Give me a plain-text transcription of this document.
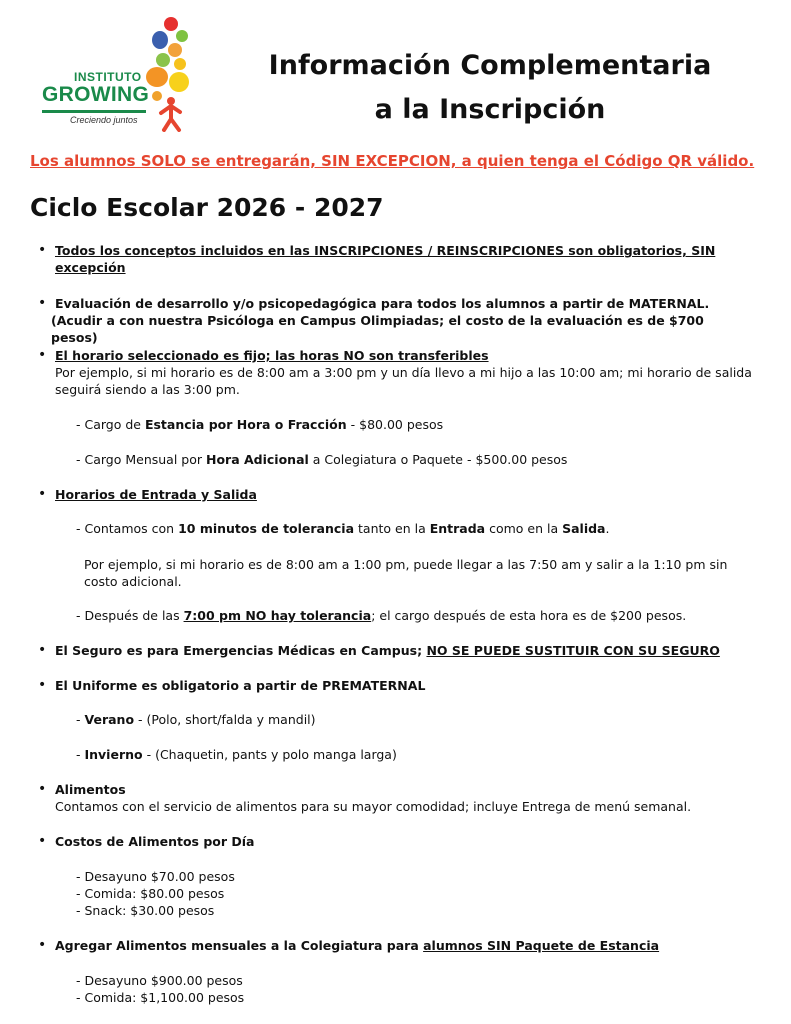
INSTITUTO
GROWING
Creciendo juntos
Información Complementaria
a la Inscripción
Los alumnos SOLO se entregarán, SIN EXCEPCION, a quien tenga el Código QR válido.
Ciclo Escolar 2026 - 2027
• Todos los conceptos incluidos en las INSCRIPCIONES / REINSCRIPCIONES son obligatorios, SIN
excepción
• Evaluación de desarrollo y/o psicopedagógica para todos los alumnos a partir de MATERNAL.
(Acudir a con nuestra Psicóloga en Campus Olimpiadas; el costo de la evaluación es de $700 pesos)
• El horario seleccionado es fijo; las horas NO son transferibles
Por ejemplo, si mi horario es de 8:00 am a 3:00 pm y un día llevo a mi hijo a las 10:00 am; mi horario de salida
seguirá siendo a las 3:00 pm.
- Cargo de Estancia por Hora o Fracción - $80.00 pesos
- Cargo Mensual por Hora Adicional a Colegiatura o Paquete - $500.00 pesos
• Horarios de Entrada y Salida
- Contamos con 10 minutos de tolerancia tanto en la Entrada como en la Salida.
Por ejemplo, si mi horario es de 8:00 am a 1:00 pm, puede llegar a las 7:50 am y salir a la 1:10 pm sin
costo adicional.
- Después de las 7:00 pm NO hay tolerancia; el cargo después de esta hora es de $200 pesos.
• El Seguro es para Emergencias Médicas en Campus; NO SE PUEDE SUSTITUIR CON SU SEGURO
• El Uniforme es obligatorio a partir de PREMATERNAL
- Verano - (Polo, short/falda y mandil)
- Invierno - (Chaquetin, pants y polo manga larga)
• Alimentos
Contamos con el servicio de alimentos para su mayor comodidad; incluye Entrega de menú semanal.
• Costos de Alimentos por Día
- Desayuno $70.00 pesos
- Comida: $80.00 pesos
- Snack: $30.00 pesos
• Agregar Alimentos mensuales a la Colegiatura para alumnos SIN Paquete de Estancia
- Desayuno $900.00 pesos
- Comida: $1,100.00 pesos
